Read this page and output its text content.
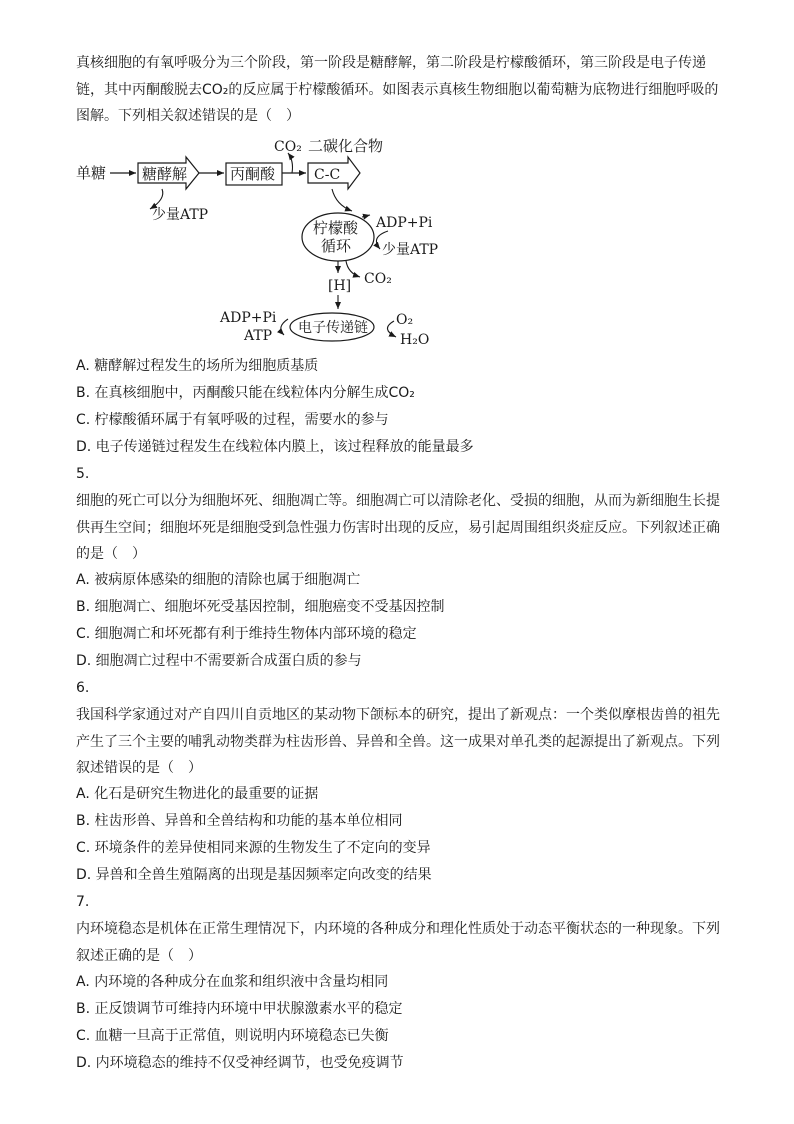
真核细胞的有氧呼吸分为三个阶段，第一阶段是糖酵解，第二阶段是柠檬酸循环，第三阶段是电子传递链，其中丙酮酸脱去CO₂的反应属于柠檬酸循环。如图表示真核生物细胞以葡萄糖为底物进行细胞呼吸的图解。下列相关叙述错误的是（　）

单糖 糖酵解
少量ATP
丙酮酸
CO₂ 二碳化合物
C-C
柠檬酸
循环
ADP+Pi
少量ATP
CO₂
[H]
电子传递链
ADP+Pi
ATP
O₂
H₂O

A. 糖酵解过程发生的场所为细胞质基质

B. 在真核细胞中，丙酮酸只能在线粒体内分解生成CO₂

C. 柠檬酸循环属于有氧呼吸的过程，需要水的参与

D. 电子传递链过程发生在线粒体内膜上，该过程释放的能量最多

5.

细胞的死亡可以分为细胞坏死、细胞凋亡等。细胞凋亡可以清除老化、受损的细胞，从而为新细胞生长提供再生空间；细胞坏死是细胞受到急性强力伤害时出现的反应，易引起周围组织炎症反应。下列叙述正确的是（　）

A. 被病原体感染的细胞的清除也属于细胞凋亡

B. 细胞凋亡、细胞坏死受基因控制，细胞癌变不受基因控制

C. 细胞凋亡和坏死都有利于维持生物体内部环境的稳定

D. 细胞凋亡过程中不需要新合成蛋白质的参与

6.

我国科学家通过对产自四川自贡地区的某动物下颌标本的研究，提出了新观点：一个类似摩根齿兽的祖先产生了三个主要的哺乳动物类群为柱齿形兽、异兽和全兽。这一成果对单孔类的起源提出了新观点。下列叙述错误的是（　）

A. 化石是研究生物进化的最重要的证据

B. 柱齿形兽、异兽和全兽结构和功能的基本单位相同

C. 环境条件的差异使相同来源的生物发生了不定向的变异

D. 异兽和全兽生殖隔离的出现是基因频率定向改变的结果

7.

内环境稳态是机体在正常生理情况下，内环境的各种成分和理化性质处于动态平衡状态的一种现象。下列叙述正确的是（　）

A. 内环境的各种成分在血浆和组织液中含量均相同

B. 正反馈调节可维持内环境中甲状腺激素水平的稳定

C. 血糖一旦高于正常值，则说明内环境稳态已失衡

D. 内环境稳态的维持不仅受神经调节，也受免疫调节
